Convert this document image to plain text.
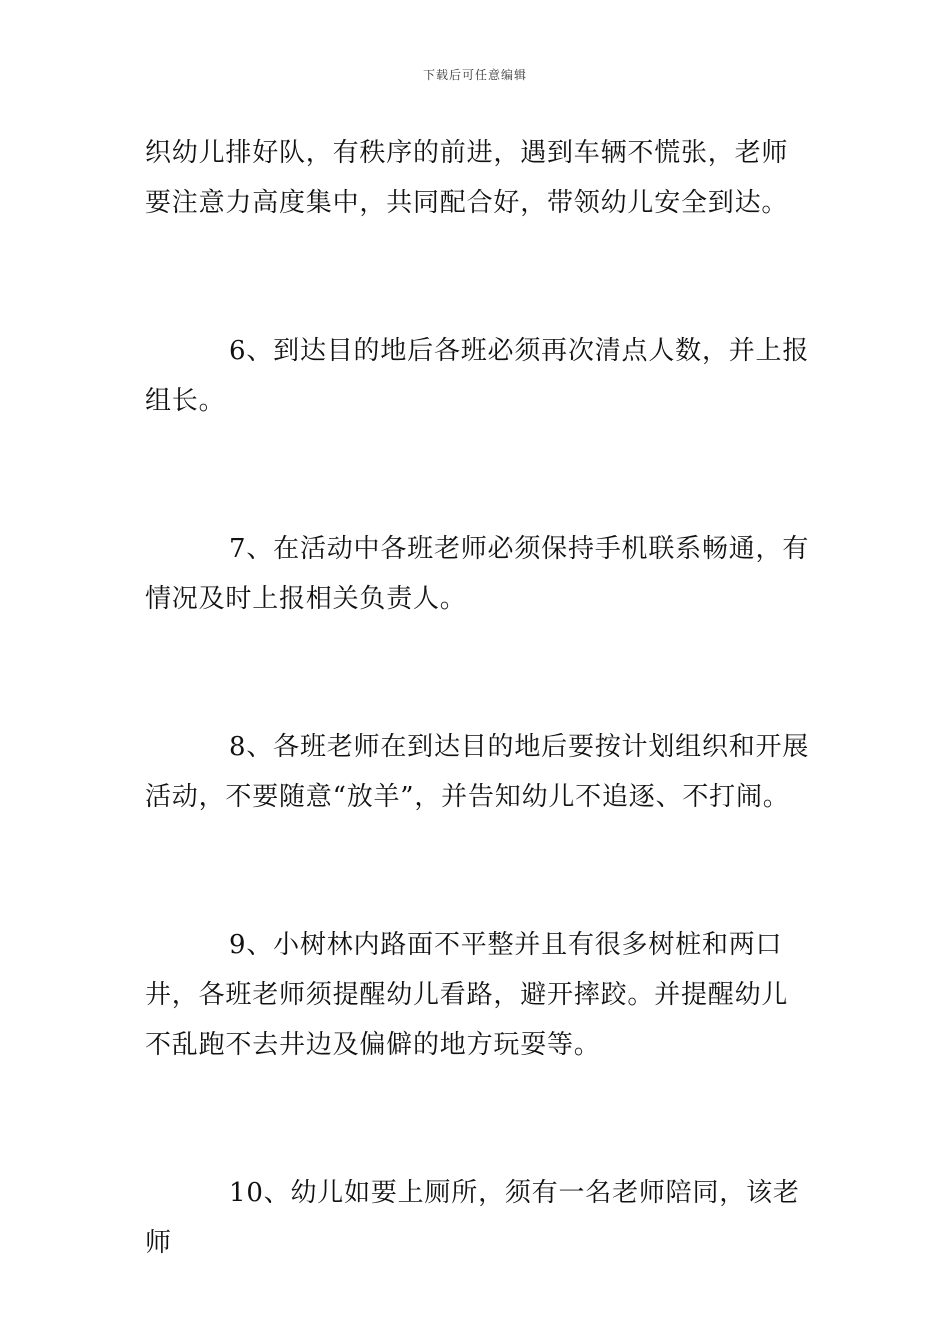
下载后可任意编辑

织幼儿排好队，有秩序的前进，遇到车辆不慌张，老师要注意力高度集中，共同配合好，带领幼儿安全到达。

6、到达目的地后各班必须再次清点人数，并上报组长。

7、在活动中各班老师必须保持手机联系畅通，有情况及时上报相关负责人。

8、各班老师在到达目的地后要按计划组织和开展活动，不要随意“放羊”，并告知幼儿不追逐、不打闹。

9、小树林内路面不平整并且有很多树桩和两口井，各班老师须提醒幼儿看路，避开摔跤。并提醒幼儿不乱跑不去井边及偏僻的地方玩耍等。

10、幼儿如要上厕所，须有一名老师陪同，该老师
